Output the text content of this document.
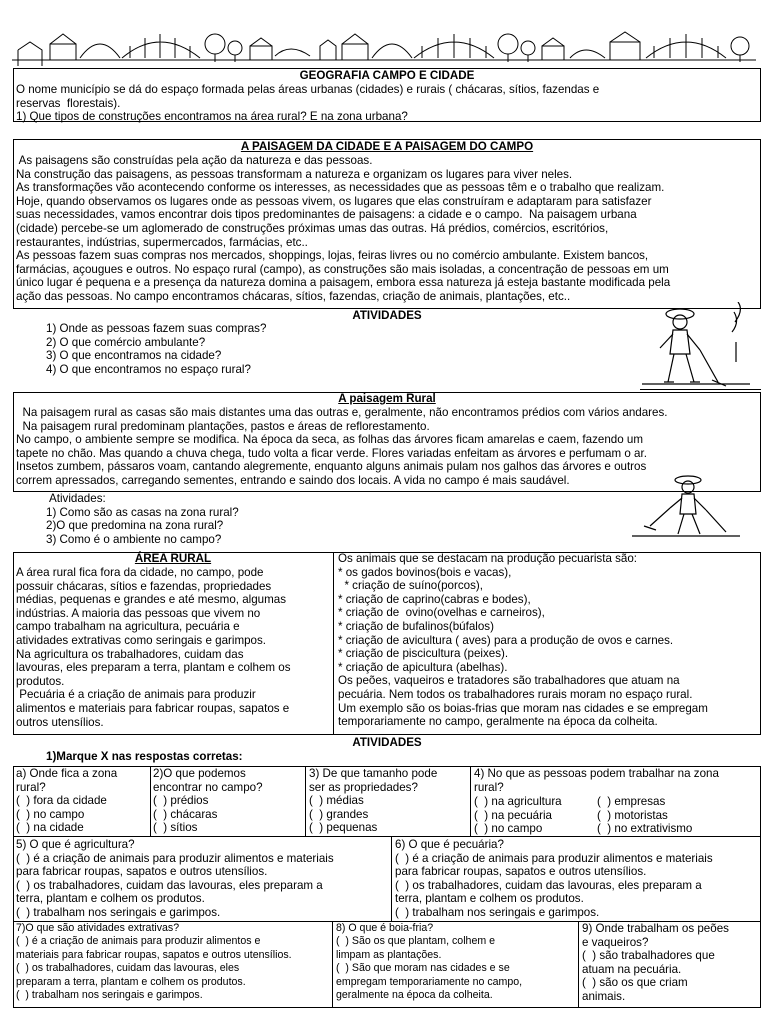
GEOGRAFIA CAMPO E CIDADE
O nome município se dá do espaço formada pelas áreas urbanas (cidades) e rurais ( chácaras, sítios, fazendas e
reservas  florestais).
1) Que tipos de construções encontramos na área rural? E na zona urbana?
A PAISAGEM DA CIDADE E A PAISAGEM DO CAMPO
As paisagens são construídas pela ação da natureza e das pessoas.
Na construção das paisagens, as pessoas transformam a natureza e organizam os lugares para viver neles.
As transformações vão acontecendo conforme os interesses, as necessidades que as pessoas têm e o trabalho que realizam.
Hoje, quando observamos os lugares onde as pessoas vivem, os lugares que elas construíram e adaptaram para satisfazer
suas necessidades, vamos encontrar dois tipos predominantes de paisagens: a cidade e o campo.  Na paisagem urbana
(cidade) percebe-se um aglomerado de construções próximas umas das outras. Há prédios, comércios, escritórios,
restaurantes, indústrias, supermercados, farmácias, etc..
As pessoas fazem suas compras nos mercados, shoppings, lojas, feiras livres ou no comércio ambulante. Existem bancos,
farmácias, açougues e outros. No espaço rural (campo), as construções são mais isoladas, a concentração de pessoas em um
único lugar é pequena e a presença da natureza domina a paisagem, embora essa natureza já esteja bastante modificada pela
ação das pessoas. No campo encontramos chácaras, sítios, fazendas, criação de animais, plantações, etc..
ATIVIDADES
1) Onde as pessoas fazem suas compras?
2) O que comércio ambulante?
3) O que encontramos na cidade?
4) O que encontramos no espaço rural?
A paisagem Rural
Na paisagem rural as casas são mais distantes uma das outras e, geralmente, não encontramos prédios com vários andares.
Na paisagem rural predominam plantações, pastos e áreas de reflorestamento.
No campo, o ambiente sempre se modifica. Na época da seca, as folhas das árvores ficam amarelas e caem, fazendo um
tapete no chão. Mas quando a chuva chega, tudo volta a ficar verde. Flores variadas enfeitam as árvores e perfumam o ar.
Insetos zumbem, pássaros voam, cantando alegremente, enquanto alguns animais pulam nos galhos das árvores e outros
correm apressados, carregando sementes, entrando e saindo dos locais. A vida no campo é mais saudável.
Atividades:
1) Como são as casas na zona rural?
2)O que predomina na zona rural?
3) Como é o ambiente no campo?
ÁREA RURAL
A área rural fica fora da cidade, no campo, pode
possuir chácaras, sítios e fazendas, propriedades
médias, pequenas e grandes e até mesmo, algumas
indústrias. A maioria das pessoas que vivem no
campo trabalham na agricultura, pecuária e
atividades extrativas como seringais e garimpos.
Na agricultura os trabalhadores, cuidam das
lavouras, eles preparam a terra, plantam e colhem os
produtos.
Pecuária é a criação de animais para produzir
alimentos e materiais para fabricar roupas, sapatos e
outros utensílios.
Os animais que se destacam na produção pecuarista são:
* os gados bovinos(bois e vacas),
* criação de suíno(porcos),
* criação de caprino(cabras e bodes),
* criação de  ovino(ovelhas e carneiros),
* criação de bufalinos(búfalos)
* criação de avicultura ( aves) para a produção de ovos e carnes.
* criação de piscicultura (peixes).
* criação de apicultura (abelhas).
Os peões, vaqueiros e tratadores são trabalhadores que atuam na
pecuária. Nem todos os trabalhadores rurais moram no espaço rural.
Um exemplo são os boias-frias que moram nas cidades e se empregam
temporariamente no campo, geralmente na época da colheita.
ATIVIDADES
1)Marque X nas respostas corretas:
a) Onde fica a zona
rural?
(  ) fora da cidade
(  ) no campo
(  ) na cidade
2)O que podemos
encontrar no campo?
(  ) prédios
(  ) chácaras
(  ) sítios
3) De que tamanho pode
ser as propriedades?
(  ) médias
(  ) grandes
(  ) pequenas
4) No que as pessoas podem trabalhar na zona
rural?
(  ) na agricultura
(  ) na pecuária
(  ) no campo
(  ) empresas
(  ) motoristas
(  ) no extrativismo
5) O que é agricultura?
(  ) é a criação de animais para produzir alimentos e materiais
para fabricar roupas, sapatos e outros utensílios.
(  ) os trabalhadores, cuidam das lavouras, eles preparam a
terra, plantam e colhem os produtos.
(  ) trabalham nos seringais e garimpos.
6) O que é pecuária?
(  ) é a criação de animais para produzir alimentos e materiais
para fabricar roupas, sapatos e outros utensílios.
(  ) os trabalhadores, cuidam das lavouras, eles preparam a
terra, plantam e colhem os produtos.
(  ) trabalham nos seringais e garimpos.
7)O que são atividades extrativas?
(  ) é a criação de animais para produzir alimentos e
materiais para fabricar roupas, sapatos e outros utensílios.
(  ) os trabalhadores, cuidam das lavouras, eles
preparam a terra, plantam e colhem os produtos.
(  ) trabalham nos seringais e garimpos.
8) O que é boia-fria?
(  ) São os que plantam, colhem e
limpam as plantações.
(  ) São que moram nas cidades e se
empregam temporariamente no campo,
geralmente na época da colheita.
9) Onde trabalham os peões
e vaqueiros?
(  ) são trabalhadores que
atuam na pecuária.
(  ) são os que criam
animais.
